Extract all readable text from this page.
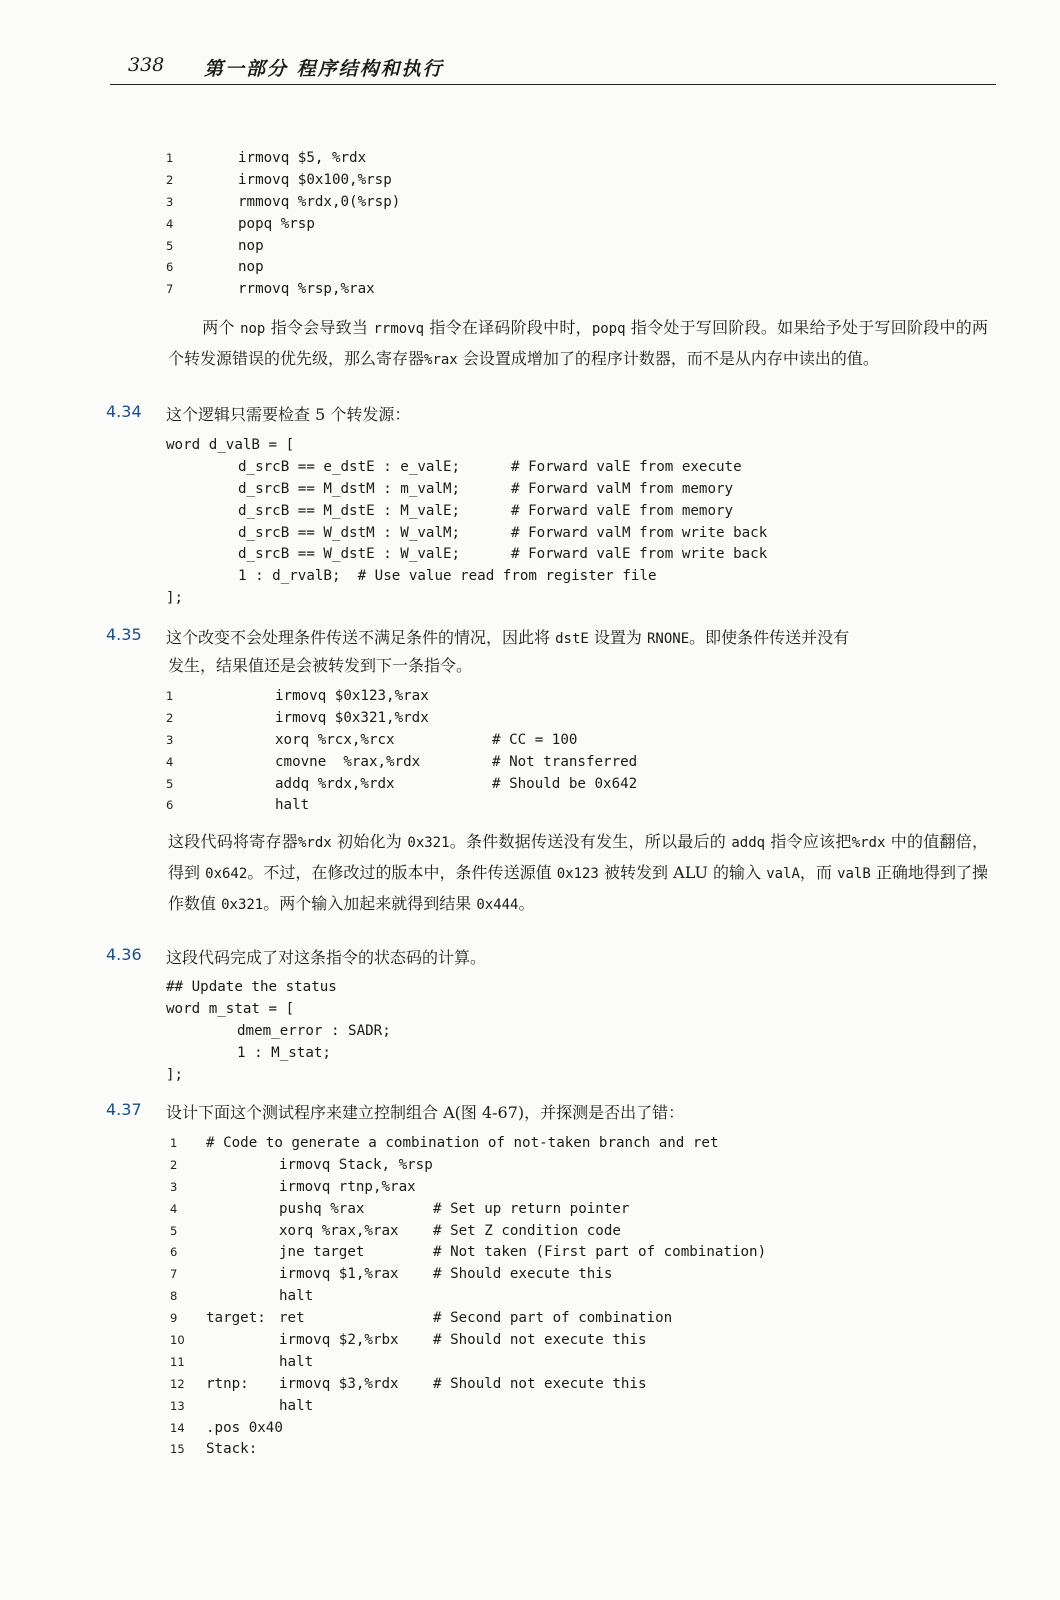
338 第一部分 程序结构和执行
1	irmovq $5, %rdx
2	irmovq $0x100,%rsp
3	rmmovq %rdx,0(%rsp)
4	popq %rsp
5	nop
6	nop
7	rrmovq %rsp,%rax
两个 nop 指令会导致当 rrmovq 指令在译码阶段中时，popq 指令处于写回阶段。如果给予处于写回阶段中的两个转发源错误的优先级，那么寄存器%rax 会设置成增加了的程序计数器，而不是从内存中读出的值。
4.34 这个逻辑只需要检查 5 个转发源：
word d_valB = [
d_srcB == e_dstE : e_valE;	# Forward valE from execute
d_srcB == M_dstM : m_valM;	# Forward valM from memory
d_srcB == M_dstE : M_valE;	# Forward valE from memory
d_srcB == W_dstM : W_valM;	# Forward valM from write back
d_srcB == W_dstE : W_valE;	# Forward valE from write back
1 : d_rvalB;  # Use value read from register file
];
4.35 这个改变不会处理条件传送不满足条件的情况，因此将 dstE 设置为 RNONE。即使条件传送并没有
发生，结果值还是会被转发到下一条指令。
1	irmovq $0x123,%rax
2	irmovq $0x321,%rdx
3	xorq %rcx,%rcx	# CC = 100
4	cmovne  %rax,%rdx	# Not transferred
5	addq %rdx,%rdx	# Should be 0x642
6	halt
这段代码将寄存器%rdx 初始化为 0x321。条件数据传送没有发生，所以最后的 addq 指令应该把%rdx 中的值翻倍，得到 0x642。不过，在修改过的版本中，条件传送源值 0x123 被转发到 ALU 的输入 valA，而 valB 正确地得到了操作数值 0x321。两个输入加起来就得到结果 0x444。
4.36 这段代码完成了对这条指令的状态码的计算。
## Update the status
word m_stat = [
dmem_error : SADR;
1 : M_stat;
];
4.37 设计下面这个测试程序来建立控制组合 A(图 4-67)，并探测是否出了错：
1	# Code to generate a combination of not-taken branch and ret
2	irmovq Stack, %rsp
3	irmovq rtnp,%rax
4	pushq %rax	# Set up return pointer
5	xorq %rax,%rax # Set Z condition code
6	jne target	# Not taken (First part of combination)
7	irmovq $1,%rax # Should execute this
8	halt
9	target: ret	# Second part of combination
10	irmovq $2,%rbx # Should not execute this
11	halt
12	rtnp: irmovq $3,%rdx # Should not execute this
13	halt
14	.pos 0x40
15	Stack:
